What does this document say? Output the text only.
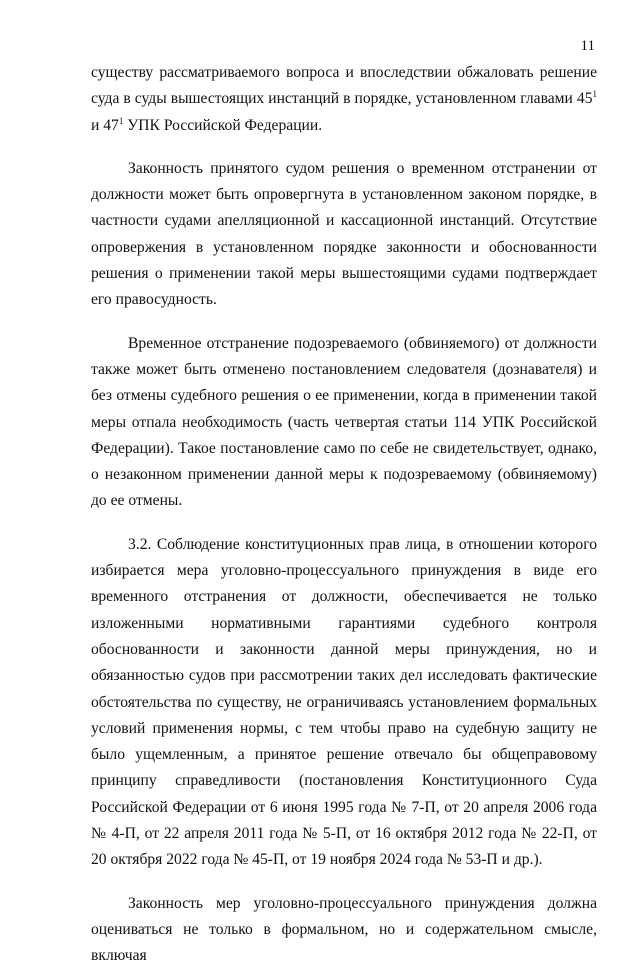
11

существу рассматриваемого вопроса и впоследствии обжаловать решение суда в суды вышестоящих инстанций в порядке, установленном главами $45^1$ и $47^1$ УПК Российской Федерации.

Законность принятого судом решения о временном отстранении от должности может быть опровергнута в установленном законом порядке, в частности судами апелляционной и кассационной инстанций. Отсутствие опровержения в установленном порядке законности и обоснованности решения о применении такой меры вышестоящими судами подтверждает его правосудность.

Временное отстранение подозреваемого (обвиняемого) от должности также может быть отменено постановлением следователя (дознавателя) и без отмены судебного решения о ее применении, когда в применении такой меры отпала необходимость (часть четвертая статьи 114 УПК Российской Федерации). Такое постановление само по себе не свидетельствует, однако, о незаконном применении данной меры к подозреваемому (обвиняемому) до ее отмены.

3.2. Соблюдение конституционных прав лица, в отношении которого избирается мера уголовно-процессуального принуждения в виде его временного отстранения от должности, обеспечивается не только изложенными нормативными гарантиями судебного контроля обоснованности и законности данной меры принуждения, но и обязанностью судов при рассмотрении таких дел исследовать фактические обстоятельства по существу, не ограничиваясь установлением формальных условий применения нормы, с тем чтобы право на судебную защиту не было ущемленным, а принятое решение отвечало бы общеправовому принципу справедливости (постановления Конституционного Суда Российской Федерации от 6 июня 1995 года № 7-П, от 20 апреля 2006 года № 4-П, от 22 апреля 2011 года № 5-П, от 16 октября 2012 года № 22-П, от 20 октября 2022 года № 45-П, от 19 ноября 2024 года № 53-П и др.).

Законность мер уголовно-процессуального принуждения должна оцениваться не только в формальном, но и содержательном смысле, включая
